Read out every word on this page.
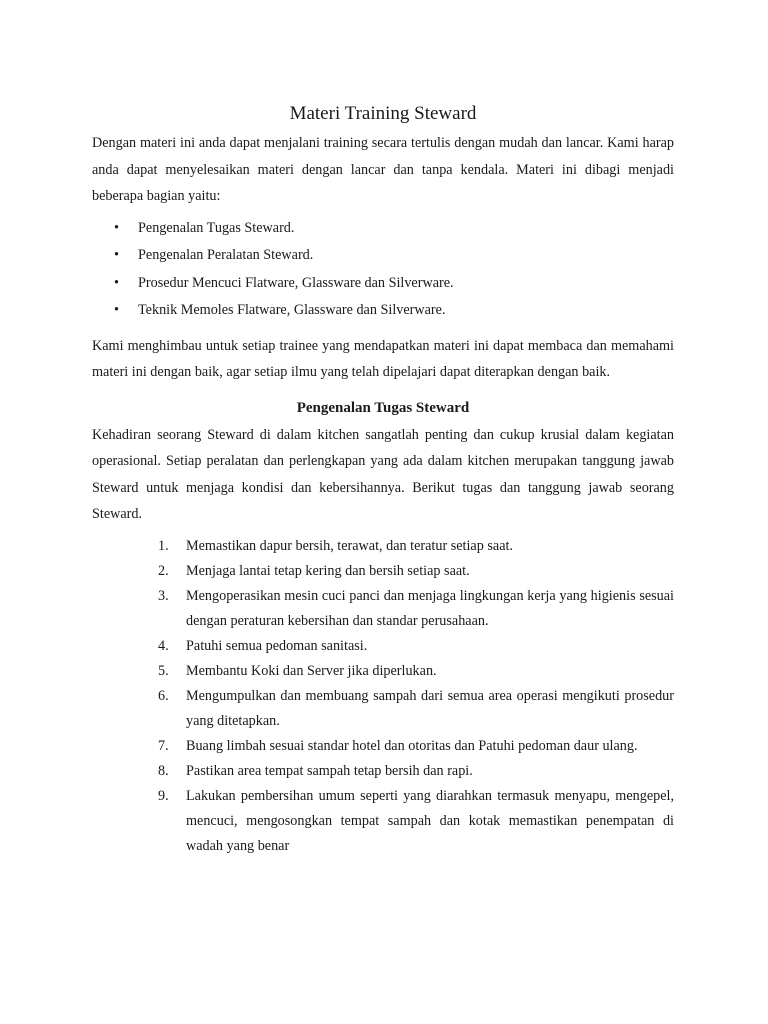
Materi Training Steward

Dengan materi ini anda dapat menjalani training secara tertulis dengan mudah dan lancar. Kami harap anda dapat menyelesaikan materi dengan lancar dan tanpa kendala. Materi ini dibagi menjadi beberapa bagian yaitu:

• Pengenalan Tugas Steward.
• Pengenalan Peralatan Steward.
• Prosedur Mencuci Flatware, Glassware dan Silverware.
• Teknik Memoles Flatware, Glassware dan Silverware.

Kami menghimbau untuk setiap trainee yang mendapatkan materi ini dapat membaca dan memahami materi ini dengan baik, agar setiap ilmu yang telah dipelajari dapat diterapkan dengan baik.

Pengenalan Tugas Steward

Kehadiran seorang Steward di dalam kitchen sangatlah penting dan cukup krusial dalam kegiatan operasional. Setiap peralatan dan perlengkapan yang ada dalam kitchen merupakan tanggung jawab Steward untuk menjaga kondisi dan kebersihannya. Berikut tugas dan tanggung jawab seorang Steward.

1. Memastikan dapur bersih, terawat, dan teratur setiap saat.
2. Menjaga lantai tetap kering dan bersih setiap saat.
3. Mengoperasikan mesin cuci panci dan menjaga lingkungan kerja yang higienis sesuai dengan peraturan kebersihan dan standar perusahaan.
4. Patuhi semua pedoman sanitasi.
5. Membantu Koki dan Server jika diperlukan.
6. Mengumpulkan dan membuang sampah dari semua area operasi mengikuti prosedur yang ditetapkan.
7. Buang limbah sesuai standar hotel dan otoritas dan Patuhi pedoman daur ulang.
8. Pastikan area tempat sampah tetap bersih dan rapi.
9. Lakukan pembersihan umum seperti yang diarahkan termasuk menyapu, mengepel, mencuci, mengosongkan tempat sampah dan kotak memastikan penempatan di wadah yang benar
